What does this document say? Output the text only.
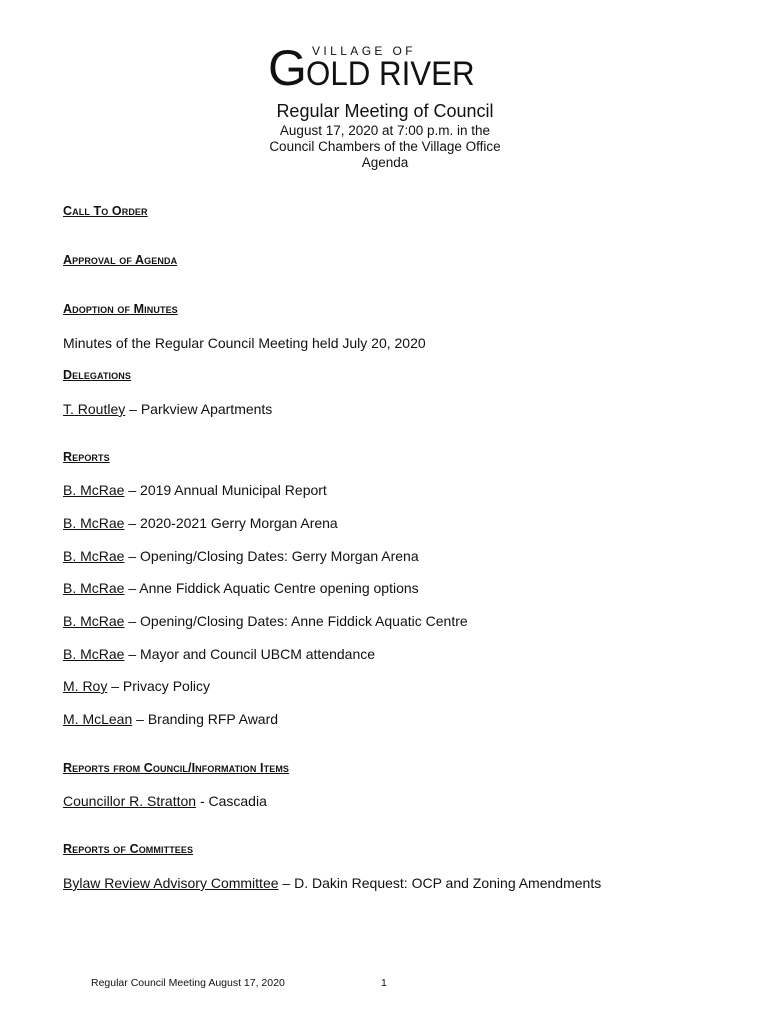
G VILLAGE OF
OLD RIVER
Regular Meeting of Council
August 17, 2020 at 7:00 p.m. in the
Council Chambers of the Village Office
Agenda
Call To Order
Approval of Agenda
Adoption of Minutes
Minutes of the Regular Council Meeting held July 20, 2020
Delegations
T. Routley – Parkview Apartments
Reports
B. McRae – 2019 Annual Municipal Report
B. McRae – 2020-2021 Gerry Morgan Arena
B. McRae – Opening/Closing Dates: Gerry Morgan Arena
B. McRae – Anne Fiddick Aquatic Centre opening options
B. McRae – Opening/Closing Dates: Anne Fiddick Aquatic Centre
B. McRae – Mayor and Council UBCM attendance
M. Roy – Privacy Policy
M. McLean – Branding RFP Award
Reports from Council/Information Items
Councillor R. Stratton - Cascadia
Reports of Committees
Bylaw Review Advisory Committee – D. Dakin Request: OCP and Zoning Amendments
Regular Council Meeting August 17, 2020	1
